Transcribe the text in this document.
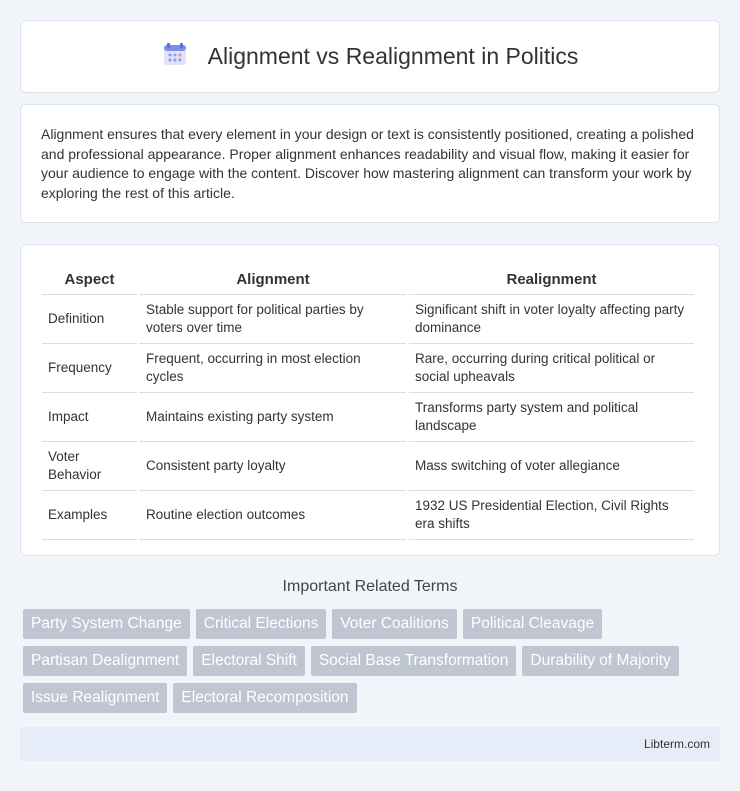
Alignment vs Realignment in Politics

Alignment ensures that every element in your design or text is consistently positioned, creating a polished and professional appearance. Proper alignment enhances readability and visual flow, making it easier for your audience to engage with the content. Discover how mastering alignment can transform your work by exploring the rest of this article.

Aspect	Alignment	Realignment
Definition	Stable support for political parties by voters over time	Significant shift in voter loyalty affecting party dominance
Frequency	Frequent, occurring in most election cycles	Rare, occurring during critical political or social upheavals
Impact	Maintains existing party system	Transforms party system and political landscape
Voter Behavior	Consistent party loyalty	Mass switching of voter allegiance
Examples	Routine election outcomes	1932 US Presidential Election, Civil Rights era shifts
Important Related Terms
Party System Change	Critical Elections	Voter Coalitions	Political Cleavage
Partisan Dealignment	Electoral Shift	Social Base Transformation	Durability of Majority
Issue Realignment	Electoral Recomposition
Libterm.com
